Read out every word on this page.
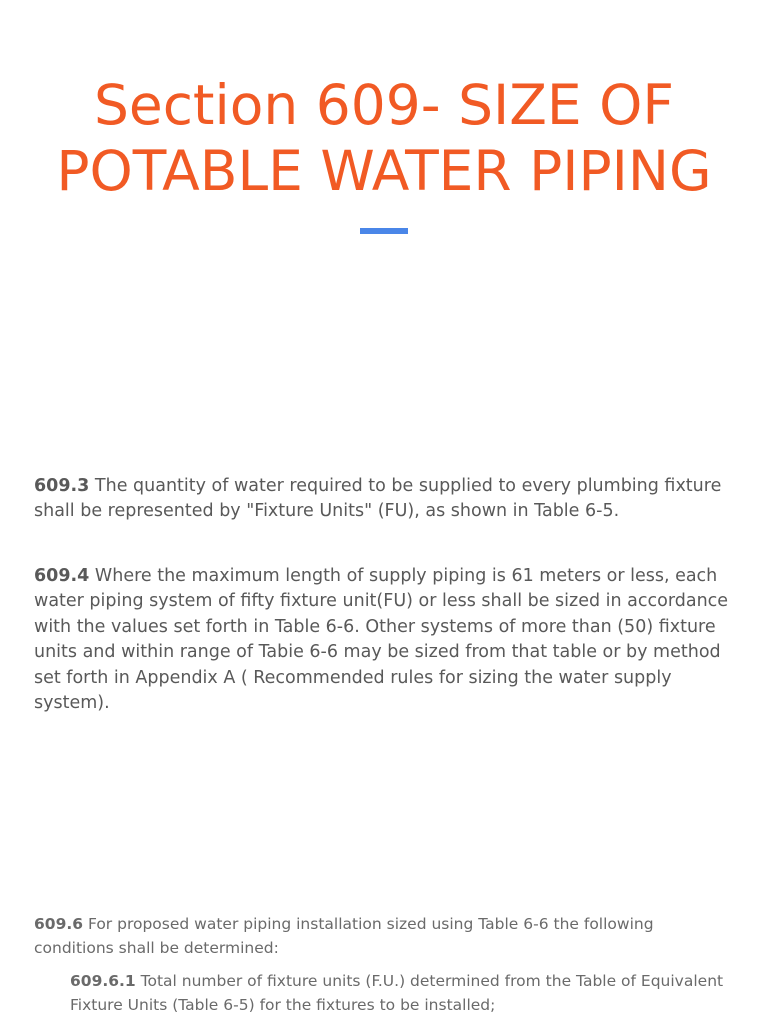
Section 609- SIZE OF
POTABLE WATER PIPING

609.3 The quantity of water required to be supplied to every plumbing fixture shall be represented by "Fixture Units" (FU), as shown in Table 6-5.

609.4 Where the maximum length of supply piping is 61 meters or less, each water piping system of fifty fixture unit(FU) or less shall be sized in accordance with the values set forth in Table 6-6. Other systems of more than (50) fixture units and within range of Tabie 6-6 may be sized from that table or by method set forth in Appendix A ( Recommended rules for sizing the water supply system).

609.6 For proposed water piping installation sized using Table 6-6 the following conditions shall be determined:

609.6.1 Total number of fixture units (F.U.) determined from the Table of Equivalent Fixture Units (Table 6-5) for the fixtures to be installed;
